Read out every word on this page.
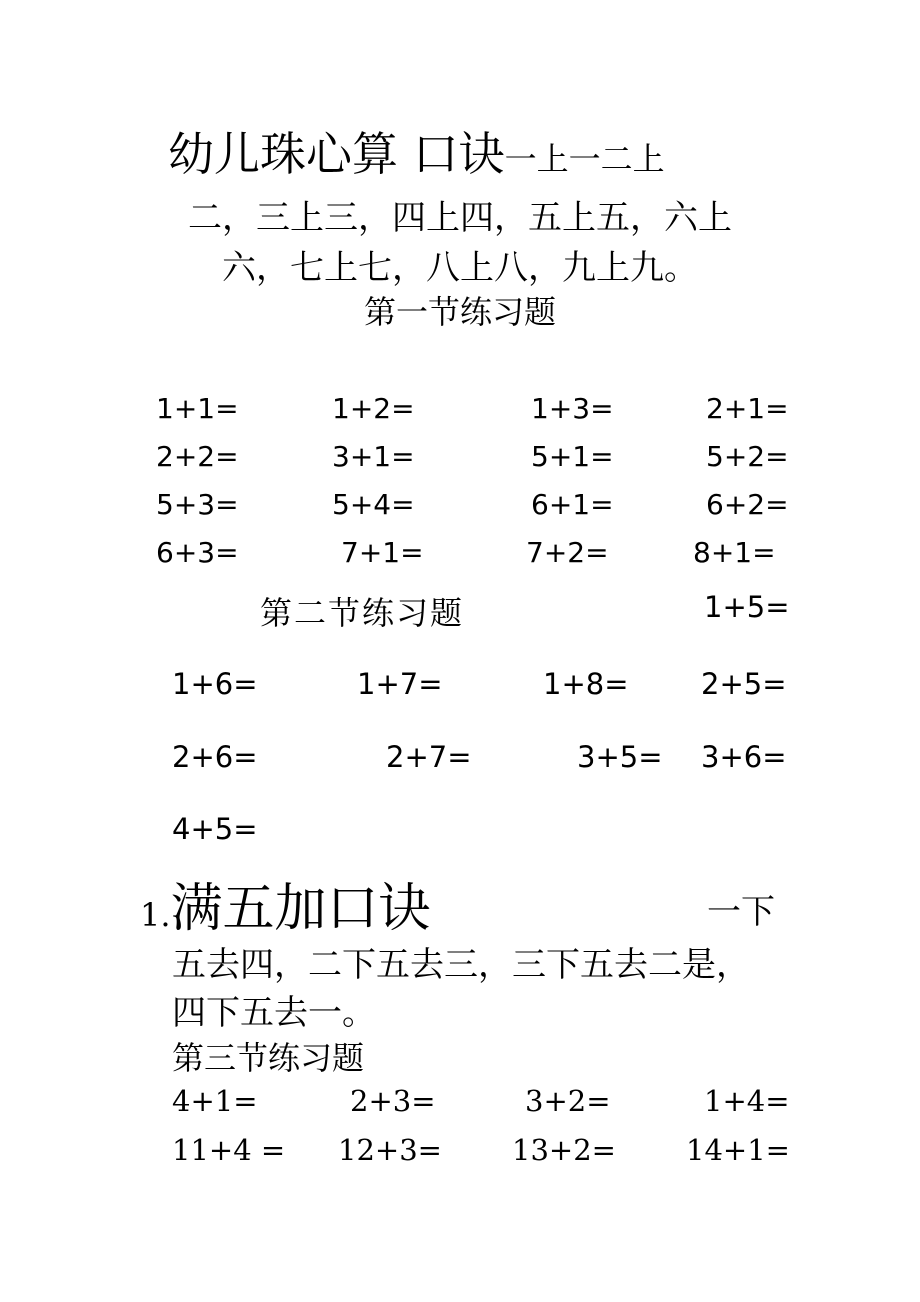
幼儿珠心算 口诀一上一二上
二，三上三，四上四，五上五，六上
六，七上七，八上八，九上九。
第一节练习题
1+1=	1+2=	1+3=	2+1=
2+2=	3+1=	5+1=	5+2=
5+3=	5+4=	6+1=	6+2=
6+3=	7+1=	7+2=	8+1=
第二节练习题	1+5=
1+6=	1+7=	1+8=	2+5=
2+6=	2+7=	3+5= 3+6=
4+5=
1.满五加口诀	一下
五去四，二下五去三，三下五去二是，
四下五去一。
第三节练习题
4+1=	2+3=	3+2=	1+4=
11+4 = 12+3= 13+2= 14+1=
